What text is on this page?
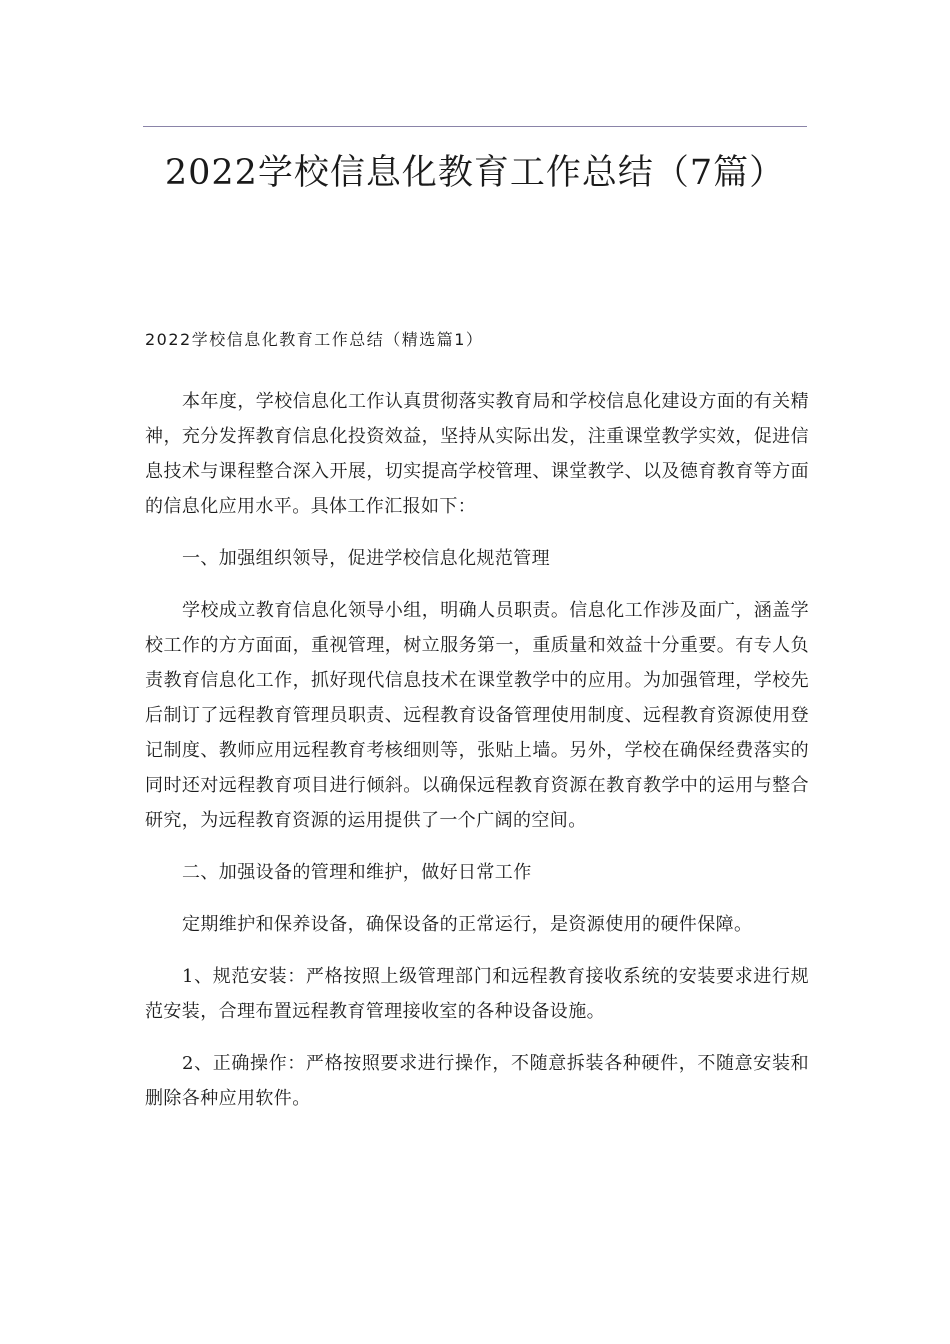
2022学校信息化教育工作总结（7篇）
2022学校信息化教育工作总结（精选篇1）

本年度，学校信息化工作认真贯彻落实教育局和学校信息化建设方面的有关精神，充分发挥教育信息化投资效益，坚持从实际出发，注重课堂教学实效，促进信息技术与课程整合深入开展，切实提高学校管理、课堂教学、以及德育教育等方面的信息化应用水平。具体工作汇报如下：

一、加强组织领导，促进学校信息化规范管理

学校成立教育信息化领导小组，明确人员职责。信息化工作涉及面广，涵盖学校工作的方方面面，重视管理，树立服务第一，重质量和效益十分重要。有专人负责教育信息化工作，抓好现代信息技术在课堂教学中的应用。为加强管理，学校先后制订了远程教育管理员职责、远程教育设备管理使用制度、远程教育资源使用登记制度、教师应用远程教育考核细则等，张贴上墙。另外，学校在确保经费落实的同时还对远程教育项目进行倾斜。以确保远程教育资源在教育教学中的运用与整合研究，为远程教育资源的运用提供了一个广阔的空间。

二、加强设备的管理和维护，做好日常工作

定期维护和保养设备，确保设备的正常运行，是资源使用的硬件保障。

1、规范安装：严格按照上级管理部门和远程教育接收系统的安装要求进行规范安装，合理布置远程教育管理接收室的各种设备设施。

2、正确操作：严格按照要求进行操作，不随意拆装各种硬件，不随意安装和删除各种应用软件。
